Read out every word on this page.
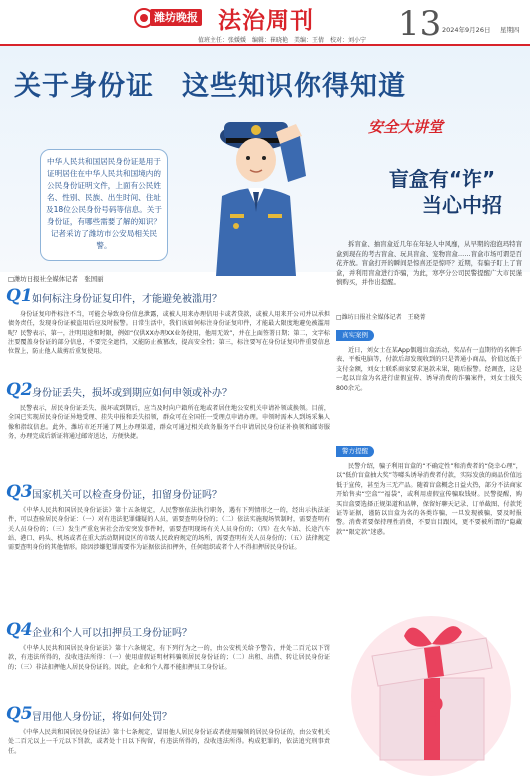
潍坊晚报 法治周刊 13 2024年9月26日 星期四
值班主任：张媛媛　编辑：崔晓艳　美编：王倩　校对：刘小宁
关于身份证　这些知识你得知道
中华人民共和国居民身份证是用于证明居住在中华人民共和国境内的公民身份证明文件，上面有公民姓名、性别、民族、出生时间、住址及18位公民身份号码等信息。关于身份证，有哪些需要了解的知识？记者采访了潍坊市公安局相关民警。
安全大讲堂
盲盒有“诈”
当心中招
拆盲盒、抽盲盒近几年在年轻人中风靡，从早期的泡泡玛特盲盒到现在的考古盲盒、玩具盲盒、宠物盲盒……盲盒市场可谓是百花齐放。盲盒打开的瞬间是惊喜还是惊吓？近期，有骗子盯上了盲盒，并利用盲盒进行诈骗，为此，寒亭分公司民警提醒广大市民谨慎购买，并作出提醒。
□潍坊日报社全媒体记者　王晓菁
真实案例
近日，刘女士在某App偶遇盲盒活动，奖品有一直期待的名牌手表、平板电脑等，付款后却发现收到的只是普通小商品，价值远低于支付金额，刘女士联系商家要求退款未果，随后报警。经调查，这是一起以盲盒为名进行虚假宣传、诱导消费的诈骗案件，刘女士损失800余元。
警方提醒
民警介绍，骗子利用盲盒的“不确定性”和消费者的“侥幸心理”，以“低价盲盒抽大奖”等噱头诱导消费者付款，实际发放的商品价值远低于宣传，甚至为三无产品。随着盲盒概念日益火热，部分不法商家开始售卖“空盒”“福袋”，或利用虚假宣传骗取钱财。民警提醒，购买盲盒要选择正规渠道和品牌，保留好聊天记录、订单截图、付款凭证等证据，谨防以盲盒为名的各类诈骗，一旦发现被骗，要及时报警。消费者要保持理性消费，不要盲目跟风，更不要被所谓的“隐藏款”“限定款”迷惑。
?
□潍坊日报社全媒体记者　张国丽
Q1 如何标注身份证复印件，才能避免被滥用？
身份证复印件标注不当，可能会导致身份信息泄露，或被人用来办理信用卡或者贷款，或被人用来开公司并以承担债务责任，发现身份证被盗用后应及时报警。日常生活中，我们该如何标注身份证复印件，才能最大限度地避免被滥用呢？民警表示，第一，注明用途和时限，例如“仅供XX办理XX业务使用，他用无效”，并在上面签署日期；第二，文字标注要覆盖身份证的部分信息，不要完全遮挡，又能防止被篡改，提高安全性；第三，标注要写在身份证复印件重要信息位置上，防止他人裁剪后重复使用。
Q2 身份证丢失，损坏或到期应如何申领或补办？
民警表示，居民身份证丢失、损坏或到期后，应当及时向户籍所在地或者居住地公安机关申请补领或换领。目前，全国已实现居民身份证异地受理、挂失申报和丢失招领，群众可在全国任一受理点申请办理。申领时需本人到场采集人像和指纹信息。此外，潍坊市还开通了网上办理渠道，群众可通过相关政务服务平台申请居民身份证补换领和邮寄服务，办理完成后新证将通过邮寄送达，方便快捷。
Q3 国家机关可以检查身份证，扣留身份证吗？
《中华人民共和国居民身份证法》第十五条规定，人民警察依法执行职务，遇有下列情形之一的，经出示执法证件，可以查验居民身份证：（一）对有违法犯罪嫌疑的人员，需要查明身份的；（二）依法实施现场管制时，需要查明有关人员身份的；（三）发生严重危害社会治安突发事件时，需要查明现场有关人员身份的；（四）在火车站、长途汽车站、港口、码头、机场或者在重大活动期间设区的市级人民政府规定的场所，需要查明有关人员身份的；（五）法律规定需要查明身份的其他情形。除因涉嫌犯罪需要作为证据依法扣押外，任何组织或者个人不得扣押居民身份证。
Q4 企业和个人可以扣押员工身份证吗？
《中华人民共和国居民身份证法》第十六条规定，有下列行为之一的，由公安机关给予警告，并处二百元以下罚款，有违法所得的，没收违法所得：（一）使用虚假证明材料骗领居民身份证的；（二）出租、出借、转让居民身份证的；（三）非法扣押他人居民身份证的。因此，企业和个人都不能扣押员工身份证。
Q5 冒用他人身份证，将如何处罚？
《中华人民共和国居民身份证法》第十七条规定，冒用他人居民身份证或者使用骗领的居民身份证的，由公安机关处二百元以上一千元以下罚款，或者处十日以下拘留，有违法所得的，没收违法所得。构成犯罪的，依法追究刑事责任。
